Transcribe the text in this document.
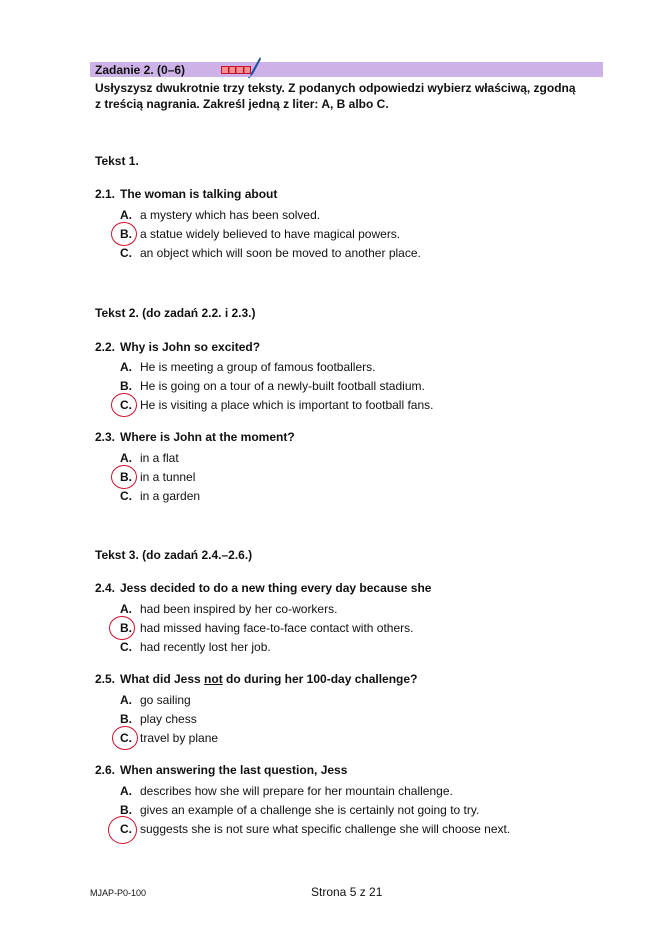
Zadanie 2. (0–6)
Usłyszysz dwukrotnie trzy teksty. Z podanych odpowiedzi wybierz właściwą, zgodną
z treścią nagrania. Zakreśl jedną z liter: A, B albo C.
Tekst 1.
2.1. The woman is talking about
A. a mystery which has been solved.
B. a statue widely believed to have magical powers.
C. an object which will soon be moved to another place.
Tekst 2. (do zadań 2.2. i 2.3.)
2.2. Why is John so excited?
A. He is meeting a group of famous footballers.
B. He is going on a tour of a newly-built football stadium.
C. He is visiting a place which is important to football fans.
2.3. Where is John at the moment?
A. in a flat
B. in a tunnel
C. in a garden
Tekst 3. (do zadań 2.4.–2.6.)
2.4. Jess decided to do a new thing every day because she
A. had been inspired by her co-workers.
B. had missed having face-to-face contact with others.
C. had recently lost her job.
2.5. What did Jess not do during her 100-day challenge?
A. go sailing
B. play chess
C. travel by plane
2.6. When answering the last question, Jess
A. describes how she will prepare for her mountain challenge.
B. gives an example of a challenge she is certainly not going to try.
C. suggests she is not sure what specific challenge she will choose next.
MJAP-P0-100	Strona 5 z 21
